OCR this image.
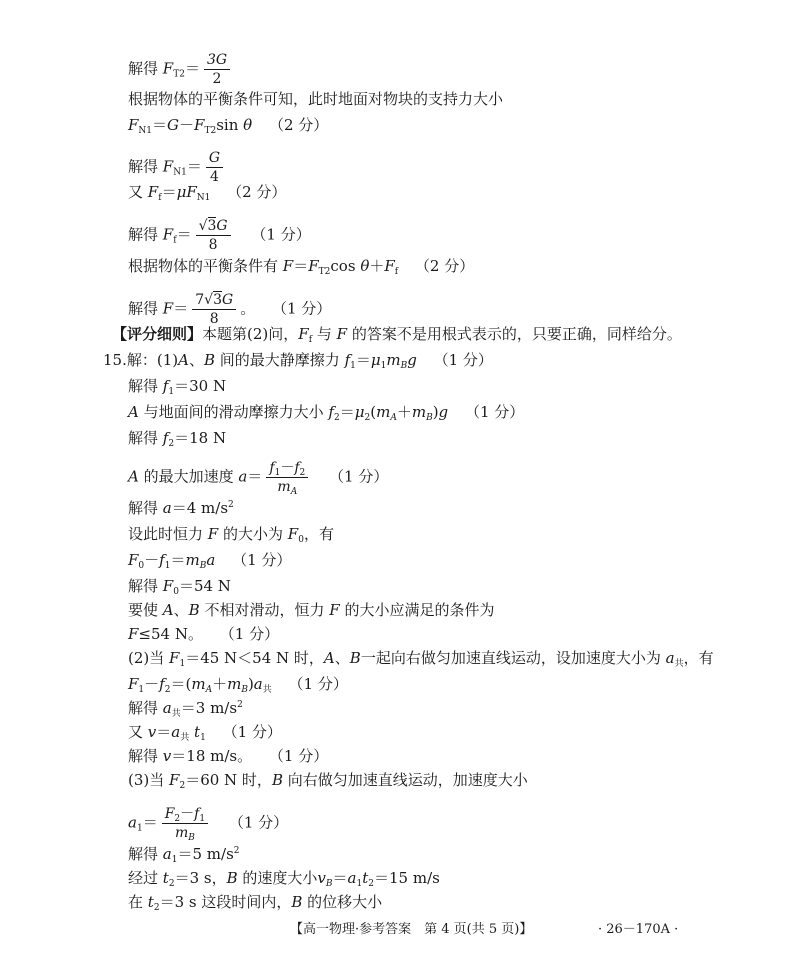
解得 $F_{T2}= \frac{3G}{2}$
根据物体的平衡条件可知，此时地面对物块的支持力大小
$F_{N1}=G-F_{T2}\sin$ θ （2 分）
解得 $F_{N1}= \frac{G}{4}$
又 $F_f=\mu F_{N1}$ （2 分）
解得 $F_f= \frac{√3G}{8} (1$ 分）
根据物体的平衡条件有 $F=F_{T2}\cos$ $\theta+F_f$ （2 分）
解得 $F= \frac{7√3G}{8}$ 。 （1 分）
【评分细则】本题第(2)问，$F_f$ 与 F 的答案不是用根式表示的，只要正确，同样给分。
15.解：(1)A、B 间的最大静摩擦力 $f_1=\mu_1m_Bg$ （1 分）
解得 $f_1=30$ N
A 与地面间的滑动摩擦力大小 $f_2=\mu_2(m_A+m_B)g$ （1 分）
解得 $f_2=18$ N
A 的最大加速度 $a= \frac{f_1-f_2}{m_A} (1$ 分）
解得 a＝4 $m/s^2$
设此时恒力 F 的大小为 $F_0$，有
$F_0-f_1=m_Ba$ （1 分）
解得 $F_0=54$ N
要使 A、B 不相对滑动，恒力 F 的大小应满足的条件为
F≤54 N。 （1 分）
(2)当 $F_1=45$ N＜54 N 时，A、B一起向右做匀加速直线运动，设加速度大小为 $a_共$，有
$F_1-f_2=(m_A+m_B)a_共$ （1 分）
解得 $a_共=3$ $m/s^2$
又 $v=a_共$ $t_1$ （1 分）
解得 v＝18 m/s。 （1 分）
(3)当 $F_2=60$ N 时，B 向右做匀加速直线运动，加速度大小
$a_1= \frac{F_2-f_1}{m_B} (1$ 分）
解得 $a_1=5$ $m/s^2$
经过 $t_2=3$ s，B 的速度大小$v_B=a_1t_2=15$ m/s
在 $t_2=3$ s 这段时间内，B 的位移大小
【高一物理·参考答案　第 4 页(共 5 页)】	· 26－170A ·
